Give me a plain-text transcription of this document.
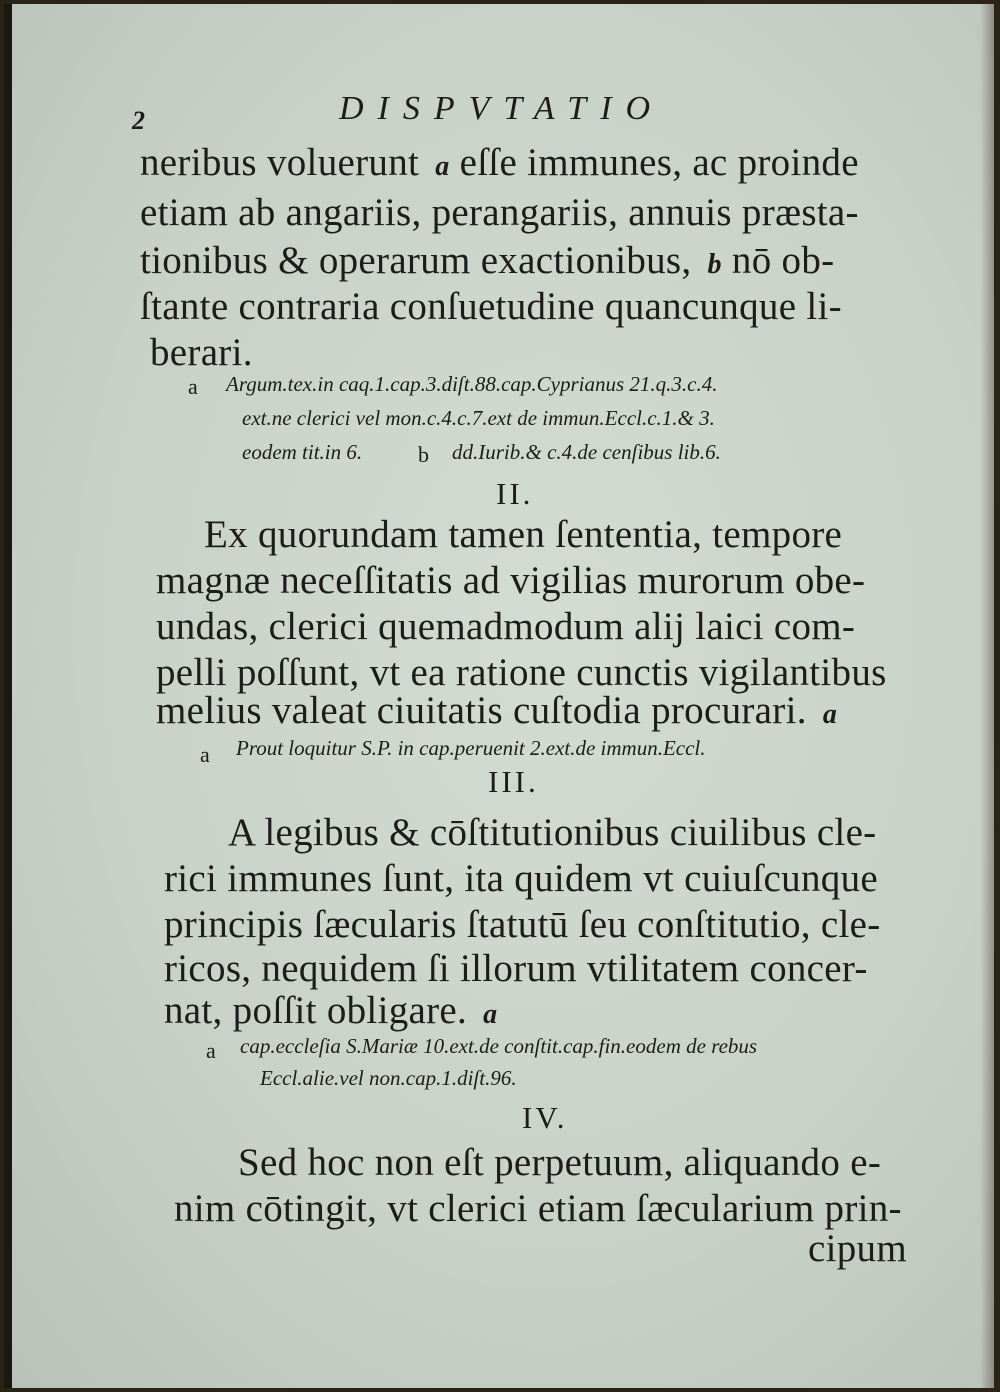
2	DISPVTATIO
neribus voluerunt a eſſe immunes, ac proinde
etiam ab angariis, perangariis, annuis præsta-
tionibus & operarum exactionibus, b nō ob-
ſtante contraria conſuetudine quancunque li-
berari.
a Argum.tex.in caq.1.cap.3.diſt.88.cap.Cyprianus 21.q.3.c.4.
ext.ne clerici vel mon.c.4.c.7.ext de immun.Eccl.c.1.& 3.
eodem tit.in 6.	b dd.Iurib.& c.4.de cenſibus lib.6.
II.
Ex quorundam tamen ſententia, tempore
magnæ neceſſitatis ad vigilias murorum obe-
undas, clerici quemadmodum alij laici com-
pelli poſſunt, vt ea ratione cunctis vigilantibus
melius valeat ciuitatis cuſtodia procurari. a
a Prout loquitur S.P. in cap.peruenit 2.ext.de immun.Eccl.
III.
A legibus & cōſtitutionibus ciuilibus cle-
rici immunes ſunt, ita quidem vt cuiuſcunque
principis ſæcularis ſtatutū ſeu conſtitutio, cle-
ricos, nequidem ſi illorum vtilitatem concer-
nat, poſſit obligare. a
a cap.eccleſia S.Mariæ 10.ext.de conſtit.cap.fin.eodem de rebus
Eccl.alie.vel non.cap.1.diſt.96.
IV.
Sed hoc non eſt perpetuum, aliquando e-
nim cōtingit, vt clerici etiam ſæcularium prin-
cipum
